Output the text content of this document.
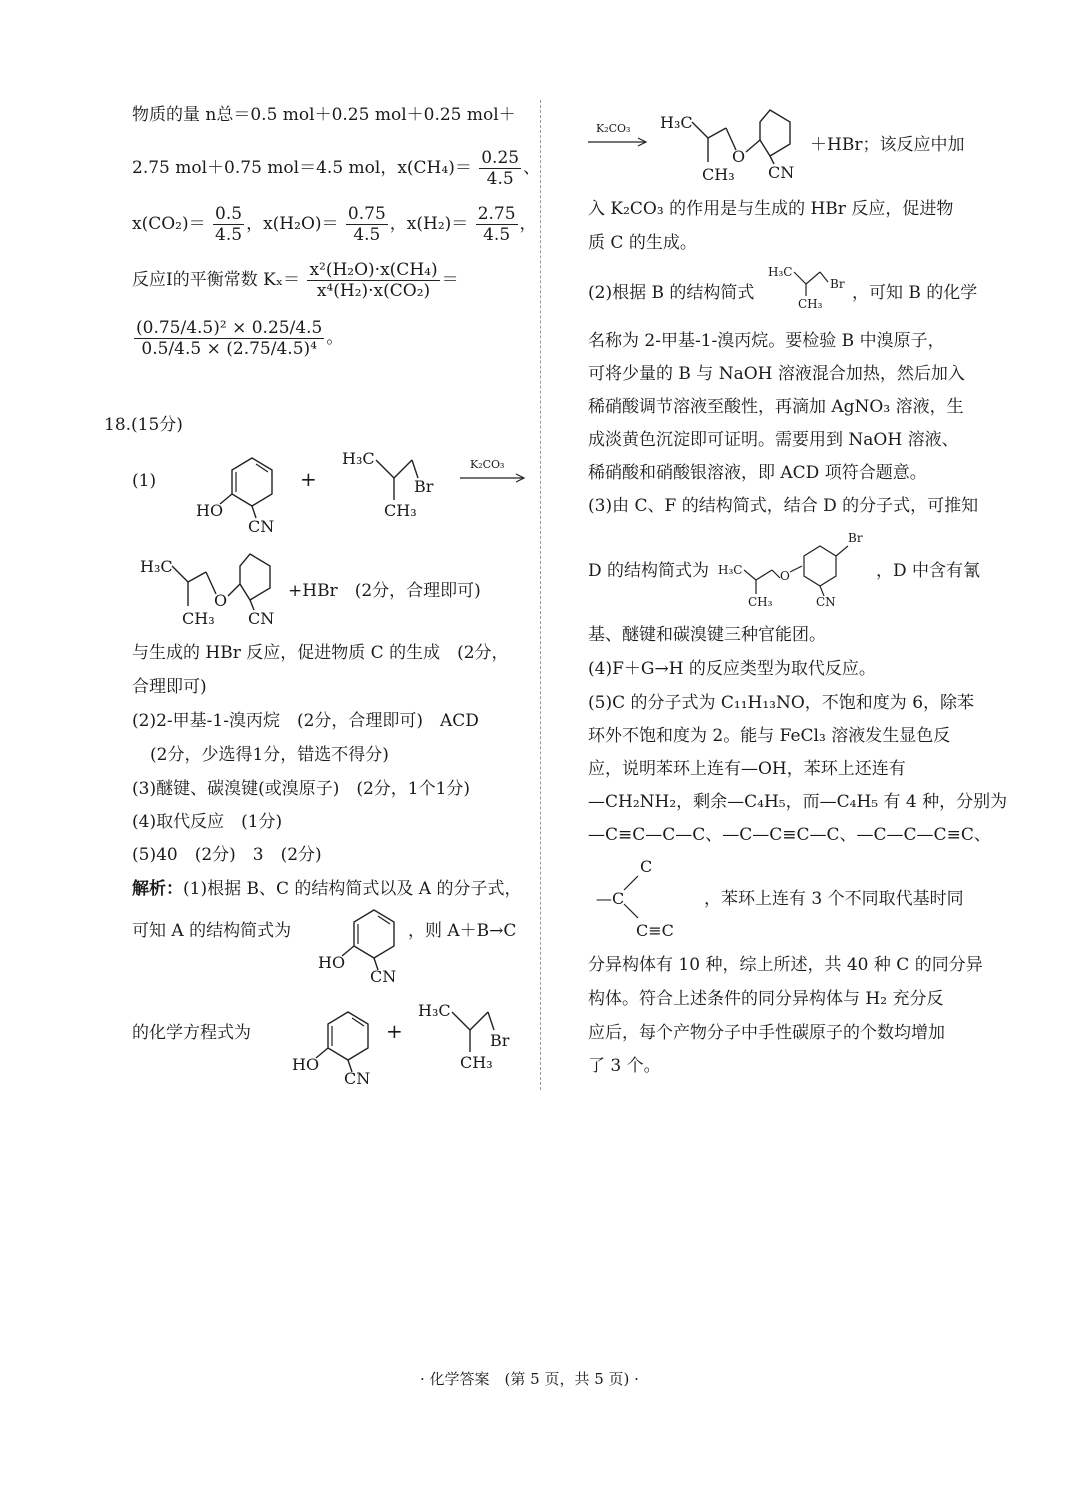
物质的量 n总＝0.5 mol＋0.25 mol＋0.25 mol＋
2.75 mol＋0.75 mol＝4.5 mol，$x(CH_4)= \frac{0.25}{4.5}$ 、
$x(CO_2)= \frac{0.5}{4.5}$ ，$x(H_2O)= \frac{0.75}{4.5}$ ，$x(H_2)= \frac{2.75}{4.5}$ ，
反应Ⅰ的平衡常数 $K_x= \frac{\text{x²(H₂O)·x(CH₄)}}{\text{x⁴(H₂)·x(CO₂)}}$ ＝
$\frac{\text{(0.75/4.5)² × 0.25/4.5}}{\text{0.5/4.5 × (2.75/4.5)⁴}}$ 。
18.(15分)
(1)
HO
CN
+
H₃C
Br
CH₃
K₂CO₃
H₃C
O
CH₃ CN
+HBr　(2分，合理即可)
与生成的 HBr 反应，促进物质 C 的生成　(2分，
合理即可)
(2)2-甲基-1-溴丙烷　(2分，合理即可)　ACD
(2分，少选得1分，错选不得分)
(3)醚键、碳溴键(或溴原子)　(2分，1个1分)
(4)取代反应　(1分)
(5)40　(2分)　3　(2分)
解析：(1)根据 B、C 的结构简式以及 A 的分子式，
可知 A 的结构简式为
HO
CN
，则 A＋B→C
的化学方程式为
HO
CN
+
H₃C
Br
CH₃
K₂CO₃ H₃C
O
CH₃ CN
＋HBr；该反应中加
入 K₂CO₃ 的作用是与生成的 HBr 反应，促进物
质 C 的生成。
(2)根据 B 的结构简式
H₃C
Br
CH₃
，可知 B 的化学
名称为 2-甲基-1-溴丙烷。要检验 B 中溴原子，
可将少量的 B 与 NaOH 溶液混合加热，然后加入
稀硝酸调节溶液至酸性，再滴加 AgNO₃ 溶液，生
成淡黄色沉淀即可证明。需要用到 NaOH 溶液、
稀硝酸和硝酸银溶液，即 ACD 项符合题意。
(3)由 C、F 的结构简式，结合 D 的分子式，可推知
D 的结构简式为 H₃C	O
Br
CH₃	CN
，D 中含有氰
基、醚键和碳溴键三种官能团。
(4)F＋G→H 的反应类型为取代反应。
(5)C 的分子式为 C₁₁H₁₃NO，不饱和度为 6，除苯
环外不饱和度为 2。能与 FeCl₃ 溶液发生显色反
应，说明苯环上连有—OH，苯环上还连有
—CH₂NH₂，剩余—C₄H₅，而—C₄H₅ 有 4 种，分别为
—C≡C—C—C、—C—C≡C—C、—C—C—C≡C、
C
—C
C≡C
，苯环上连有 3 个不同取代基时同
分异构体有 10 种，综上所述，共 40 种 C 的同分异
构体。符合上述条件的同分异构体与 H₂ 充分反
应后，每个产物分子中手性碳原子的个数均增加
了 3 个。
· 化学答案　(第 5 页，共 5 页) ·
